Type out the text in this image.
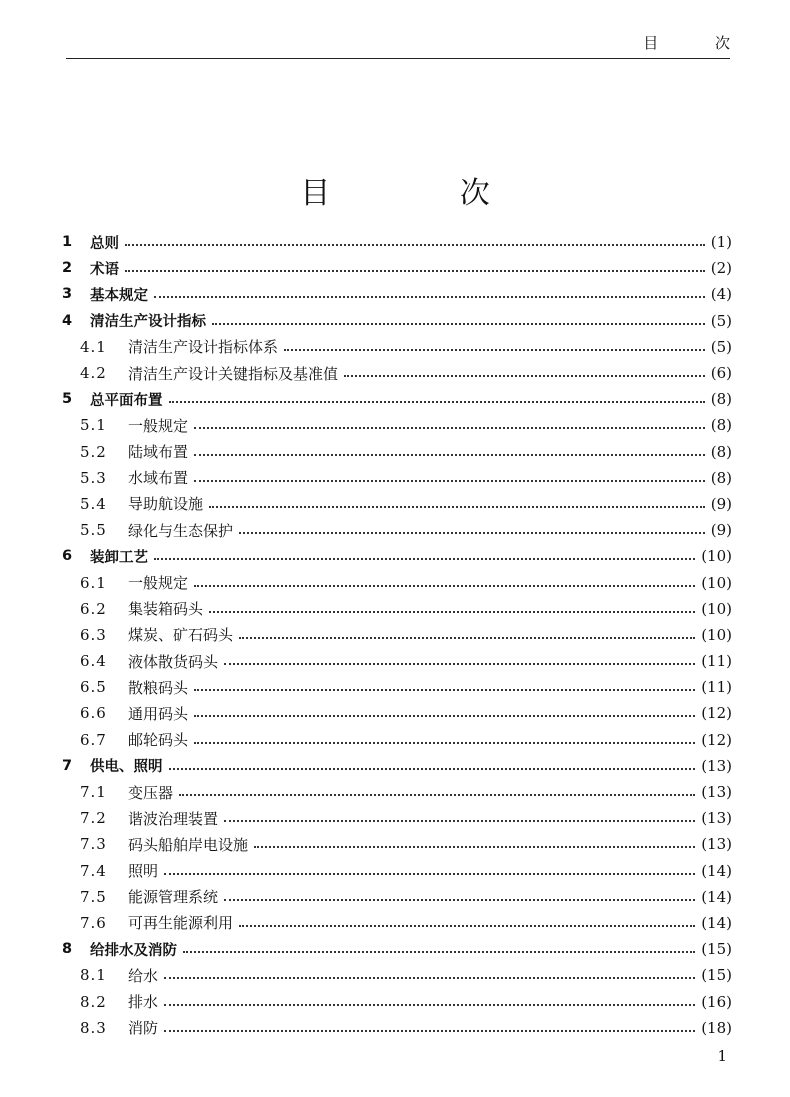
目 次
目 次
1	总则	(1)
2	术语	(2)
3	基本规定	(4)
4	清洁生产设计指标	(5)
4.1	清洁生产设计指标体系	(5)
4.2	清洁生产设计关键指标及基准值	(6)
5	总平面布置	(8)
5.1	一般规定	(8)
5.2	陆域布置	(8)
5.3	水域布置	(8)
5.4	导助航设施	(9)
5.5	绿化与生态保护	(9)
6	装卸工艺	(10)
6.1	一般规定	(10)
6.2	集装箱码头	(10)
6.3	煤炭、矿石码头	(10)
6.4	液体散货码头	(11)
6.5	散粮码头	(11)
6.6	通用码头	(12)
6.7	邮轮码头	(12)
7	供电、照明	(13)
7.1	变压器	(13)
7.2	谐波治理装置	(13)
7.3	码头船舶岸电设施	(13)
7.4	照明	(14)
7.5	能源管理系统	(14)
7.6	可再生能源利用	(14)
8	给排水及消防	(15)
8.1	给水	(15)
8.2	排水	(16)
8.3	消防	(18)
1
